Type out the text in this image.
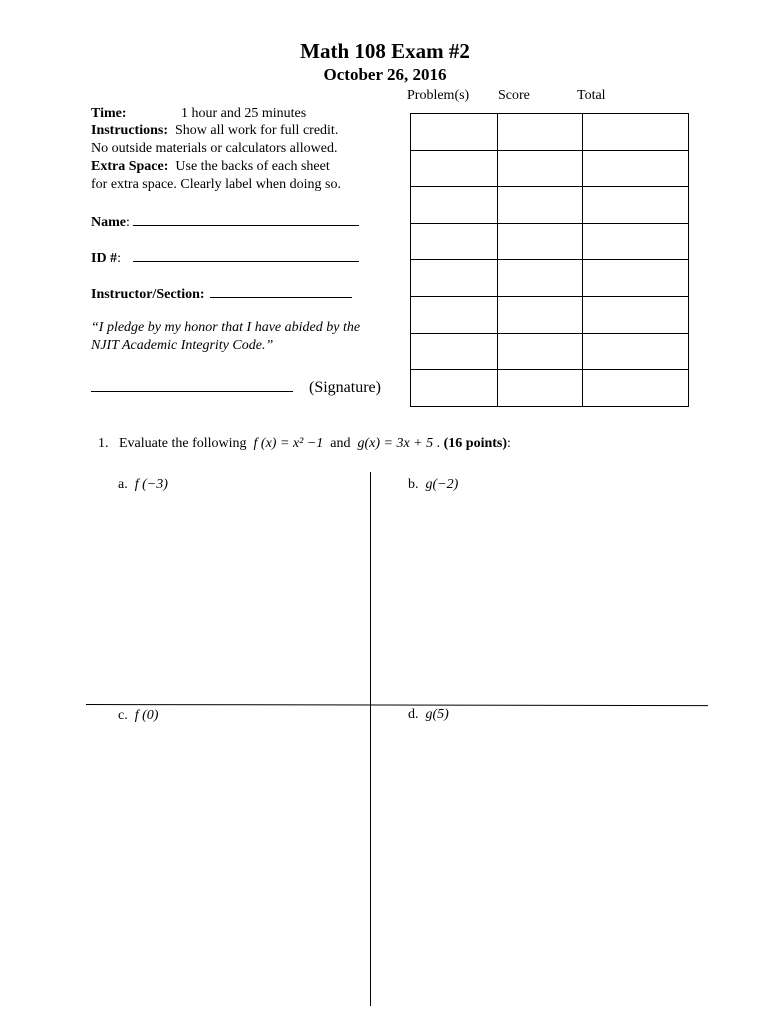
Math 108 Exam #2
October 26, 2016
Problem(s) Score	Total

Time:	1 hour and 25 minutes
Instructions: Show all work for full credit.
No outside materials or calculators allowed.
Extra Space: Use the backs of each sheet
for extra space. Clearly label when doing so.
Name:
ID #:
Instructor/Section:
“I pledge by my honor that I have abided by the
NJIT Academic Integrity Code.”
(Signature)
1. Evaluate the following f (x) = x² −1 and g(x) = 3x + 5 . (16 points):
a. f (−3)	b. g(−2)
c. f (0)	d. g(5)
